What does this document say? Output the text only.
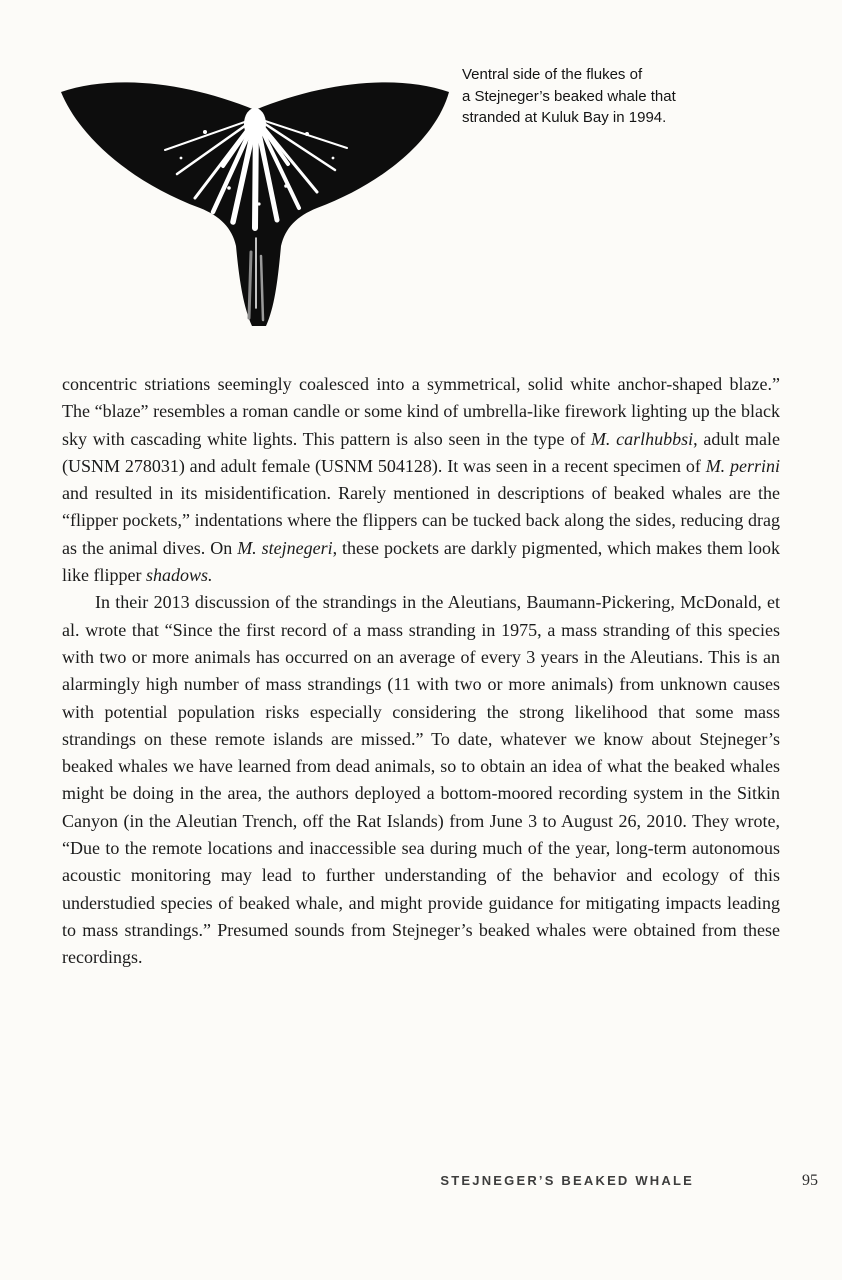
Ventral side of the flukes of
a Stejneger’s beaked whale that
stranded at Kuluk Bay in 1994.

concentric striations seemingly coalesced into a symmetrical, solid white anchor-shaped blaze.” The “blaze” resembles a roman candle or some kind of umbrella-like firework lighting up the black sky with cascading white lights. This pattern is also seen in the type of M. carlhubbsi, adult male (USNM 278031) and adult female (USNM 504128). It was seen in a recent specimen of M. perrini and resulted in its misidentification. Rarely mentioned in descriptions of beaked whales are the “flipper pockets,” indentations where the flippers can be tucked back along the sides, reducing drag as the animal dives. On M. stejnegeri, these pockets are darkly pigmented, which makes them look like flipper shadows.

In their 2013 discussion of the strandings in the Aleutians, Baumann-Pickering, McDonald, et al. wrote that “Since the first record of a mass stranding in 1975, a mass stranding of this species with two or more animals has occurred on an average of every 3 years in the Aleutians. This is an alarmingly high number of mass strandings (11 with two or more animals) from unknown causes with potential population risks especially considering the strong likelihood that some mass strandings on these remote islands are missed.” To date, whatever we know about Stejneger’s beaked whales we have learned from dead animals, so to obtain an idea of what the beaked whales might be doing in the area, the authors deployed a bottom-moored recording system in the Sitkin Canyon (in the Aleutian Trench, off the Rat Islands) from June 3 to August 26, 2010. They wrote, “Due to the remote locations and inaccessible sea during much of the year, long-term autonomous acoustic monitoring may lead to further understanding of the behavior and ecology of this understudied species of beaked whale, and might provide guidance for mitigating impacts leading to mass strandings.” Presumed sounds from Stejneger’s beaked whales were obtained from these recordings.

STEJNEGER’S BEAKED WHALE	95
